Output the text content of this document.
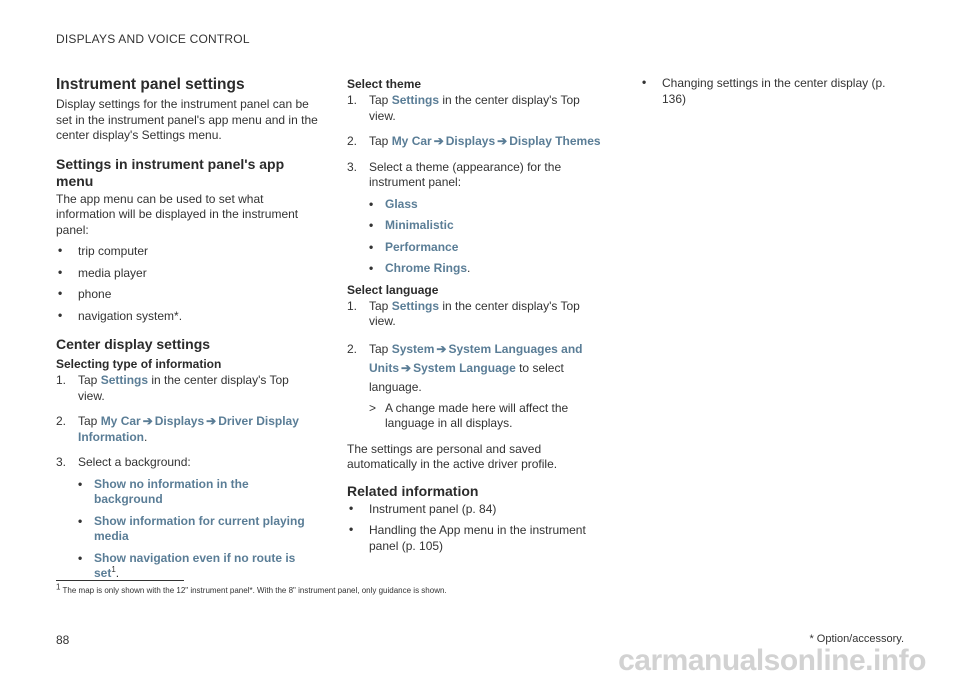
DISPLAYS AND VOICE CONTROL
Instrument panel settings

Display settings for the instrument panel can be set in the instrument panel's app menu and in the center display's Settings menu.

Settings in instrument panel's app menu

The app menu can be used to set what information will be displayed in the instrument panel:

• trip computer
• media player
• phone
• navigation system*.
Center display settings
Selecting type of information
1. Tap Settings in the center display's Top view.
2. Tap My Car ➔ Displays ➔ Driver Display Information.
3. Select a background:
• Show no information in the background
• Show information for current playing media
• Show navigation even if no route is set$^1$.
Select theme
1. Tap Settings in the center display's Top view.
2. Tap My Car ➔ Displays ➔ Display Themes
3. Select a theme (appearance) for the instrument panel:
• Glass
• Minimalistic
• Performance
• Chrome Rings.
Select language
1. Tap Settings in the center display's Top view.
2. Tap System ➔ System Languages and Units ➔ System Language to select language.
> A change made here will affect the language in all displays.

The settings are personal and saved automatically in the active driver profile.

Related information
• Instrument panel (p. 84)
• Handling the App menu in the instrument panel (p. 105)
• Changing settings in the center display (p. 136)
$^1$ The map is only shown with the 12" instrument panel*. With the 8" instrument panel, only guidance is shown.
88	* Option/accessory.
carmanualsonline.info
